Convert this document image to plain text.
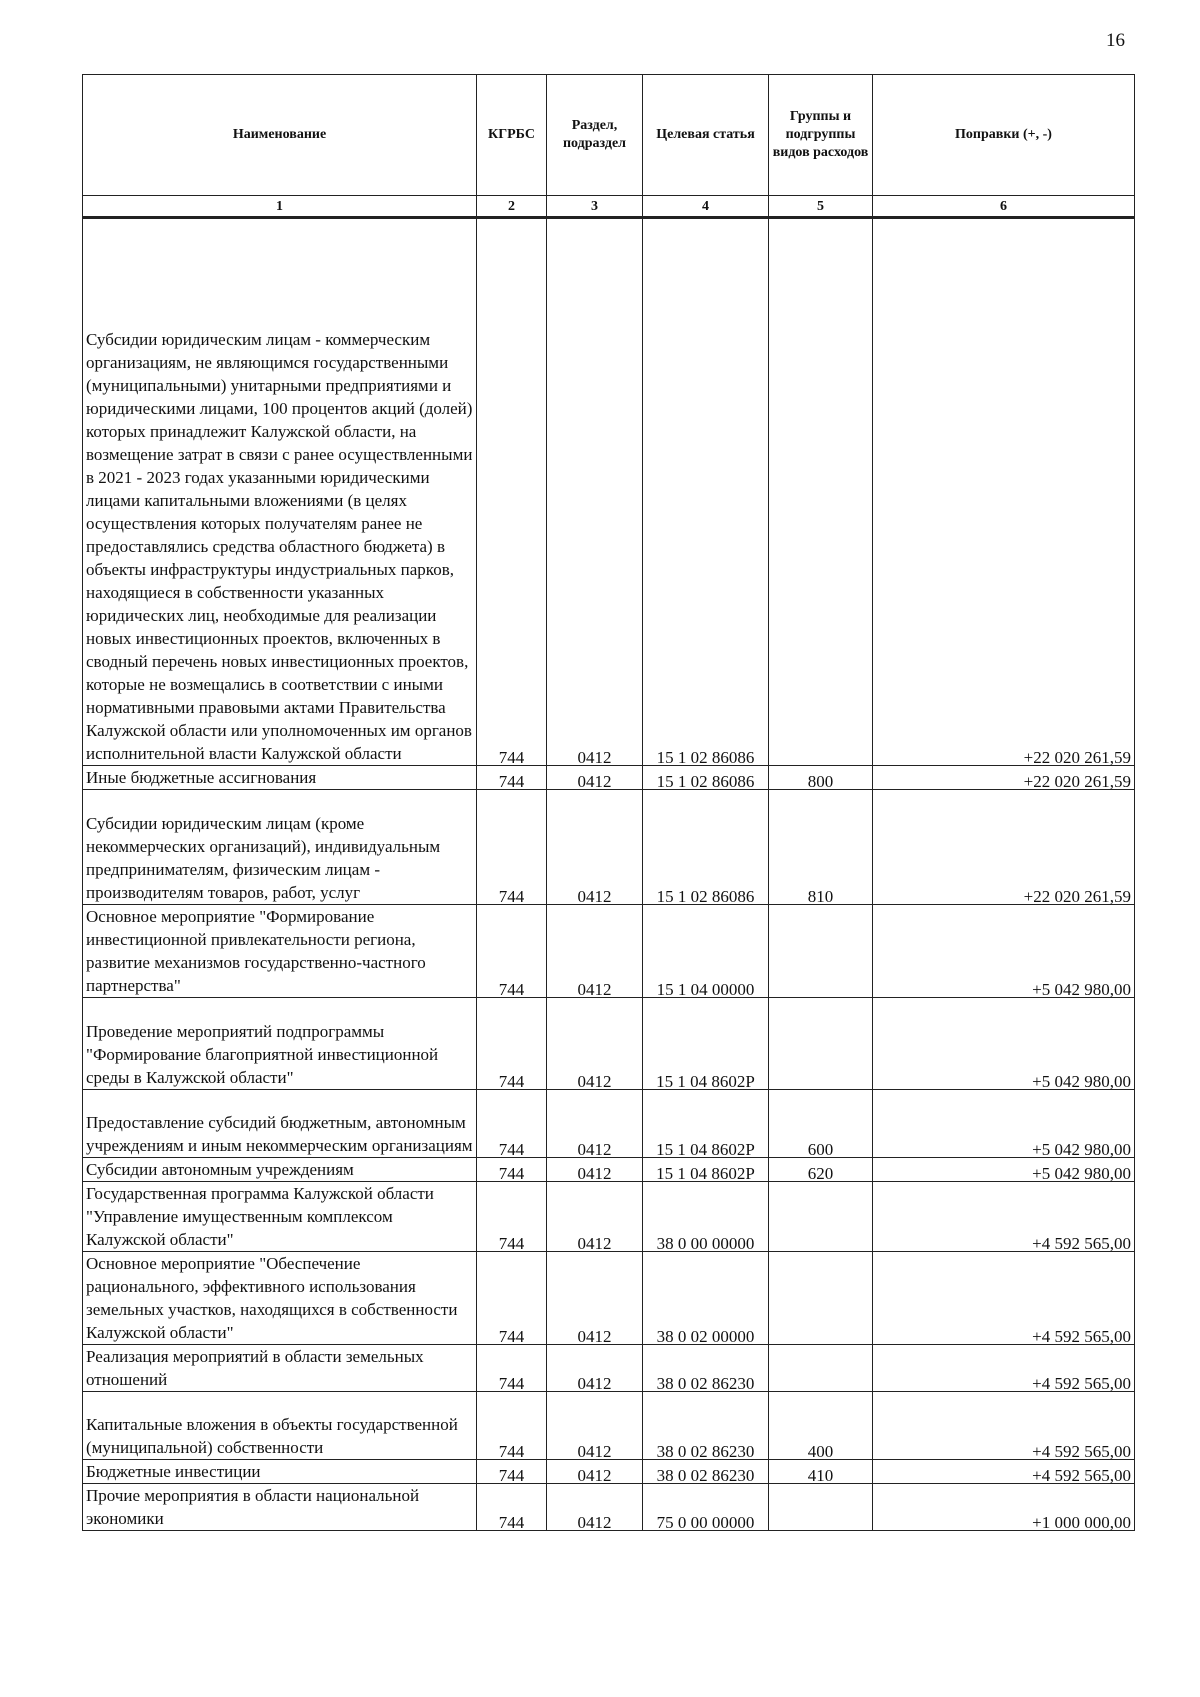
16
Наименование	КГРБС	Раздел, подраздел	Целевая статья	Группы и подгруппы видов расходов	Поправки (+, -)
1	2	3	4	5	6
Субсидии юридическим лицам - коммерческим организациям, не являющимся государственными (муниципальными) унитарными предприятиями и юридическими лицами, 100 процентов акций (долей) которых принадлежит Калужской области, на возмещение затрат в связи с ранее осуществленными в 2021 - 2023 годах указанными юридическими лицами капитальными вложениями (в целях осуществления которых получателям ранее не предоставлялись средства областного бюджета) в объекты инфраструктуры индустриальных парков, находящиеся в собственности указанных юридических лиц, необходимые для реализации новых инвестиционных проектов, включенных в сводный перечень новых инвестиционных проектов, которые не возмещались в соответствии с иными нормативными правовыми актами Правительства Калужской области или уполномоченных им органов исполнительной власти Калужской области	744	0412	15 1 02 86086		+22 020 261,59
Иные бюджетные ассигнования	744	0412	15 1 02 86086	800	+22 020 261,59
Субсидии юридическим лицам (кроме некоммерческих организаций), индивидуальным предпринимателям, физическим лицам - производителям товаров, работ, услуг	744	0412	15 1 02 86086	810	+22 020 261,59
Основное мероприятие "Формирование инвестиционной привлекательности региона, развитие механизмов государственно-частного партнерства"	744	0412	15 1 04 00000		+5 042 980,00
Проведение мероприятий подпрограммы "Формирование благоприятной инвестиционной среды в Калужской области"	744	0412	15 1 04 8602Р		+5 042 980,00
Предоставление субсидий бюджетным, автономным учреждениям и иным некоммерческим организациям	744	0412	15 1 04 8602Р	600	+5 042 980,00
Субсидии автономным учреждениям	744	0412	15 1 04 8602Р	620	+5 042 980,00
Государственная программа Калужской области "Управление имущественным комплексом Калужской области"	744	0412	38 0 00 00000		+4 592 565,00
Основное мероприятие "Обеспечение рационального, эффективного использования земельных участков, находящихся в собственности Калужской области"	744	0412	38 0 02 00000		+4 592 565,00
Реализация мероприятий в области земельных отношений	744	0412	38 0 02 86230		+4 592 565,00
Капитальные вложения в объекты государственной (муниципальной) собственности	744	0412	38 0 02 86230	400	+4 592 565,00
Бюджетные инвестиции	744	0412	38 0 02 86230	410	+4 592 565,00
Прочие мероприятия в области национальной экономики	744	0412	75 0 00 00000		+1 000 000,00
